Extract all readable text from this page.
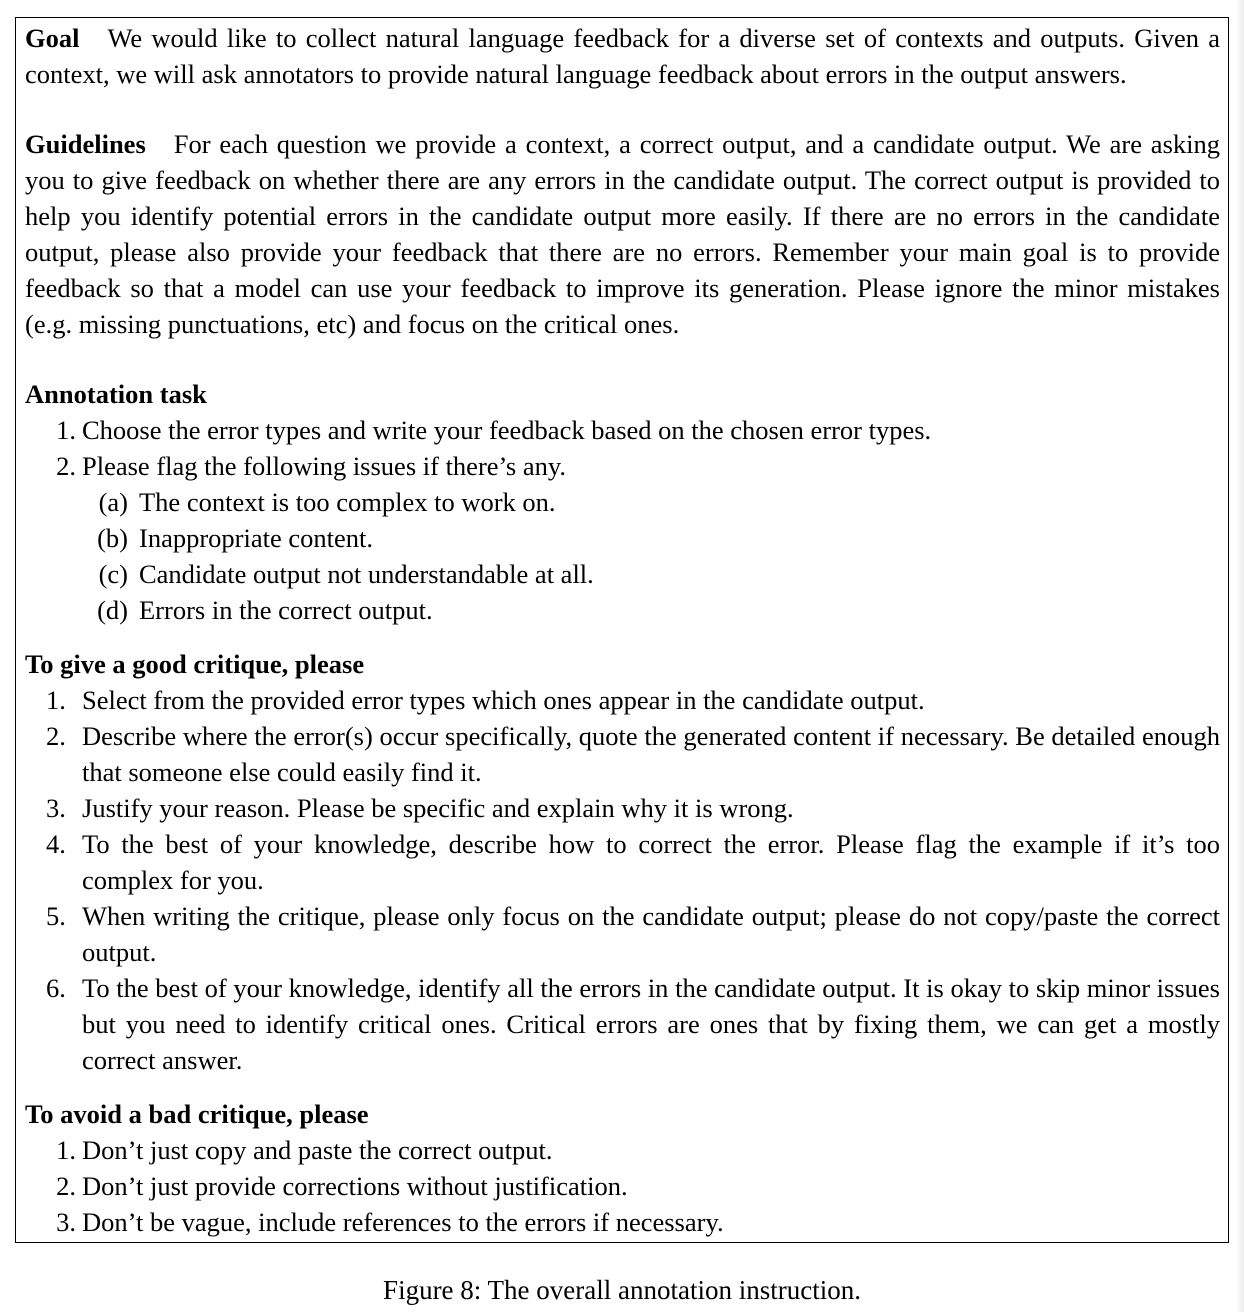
Goal We would like to collect natural language feedback for a diverse set of contexts and outputs. Given a context, we will ask annotators to provide natural language feedback about errors in the output answers.

Guidelines For each question we provide a context, a correct output, and a candidate output. We are asking you to give feedback on whether there are any errors in the candidate output. The correct output is provided to help you identify potential errors in the candidate output more easily. If there are no errors in the candidate output, please also provide your feedback that there are no errors. Remember your main goal is to provide feedback so that a model can use your feedback to improve its generation. Please ignore the minor mistakes (e.g. missing punctuations, etc) and focus on the critical ones.

Annotation task

1. Choose the error types and write your feedback based on the chosen error types.
2. Please flag the following issues if there’s any.
(a) The context is too complex to work on.
(b) Inappropriate content.
(c) Candidate output not understandable at all.
(d) Errors in the correct output.

To give a good critique, please

1. Select from the provided error types which ones appear in the candidate output.
2. Describe where the error(s) occur specifically, quote the generated content if necessary. Be detailed enough that someone else could easily find it.
3. Justify your reason. Please be specific and explain why it is wrong.
4. To the best of your knowledge, describe how to correct the error. Please flag the example if it’s too complex for you.
5. When writing the critique, please only focus on the candidate output; please do not copy/paste the correct output.
6. To the best of your knowledge, identify all the errors in the candidate output. It is okay to skip minor issues but you need to identify critical ones. Critical errors are ones that by fixing them, we can get a mostly correct answer.

To avoid a bad critique, please

1. Don’t just copy and paste the correct output.
2. Don’t just provide corrections without justification.
3. Don’t be vague, include references to the errors if necessary.
Figure 8: The overall annotation instruction.
